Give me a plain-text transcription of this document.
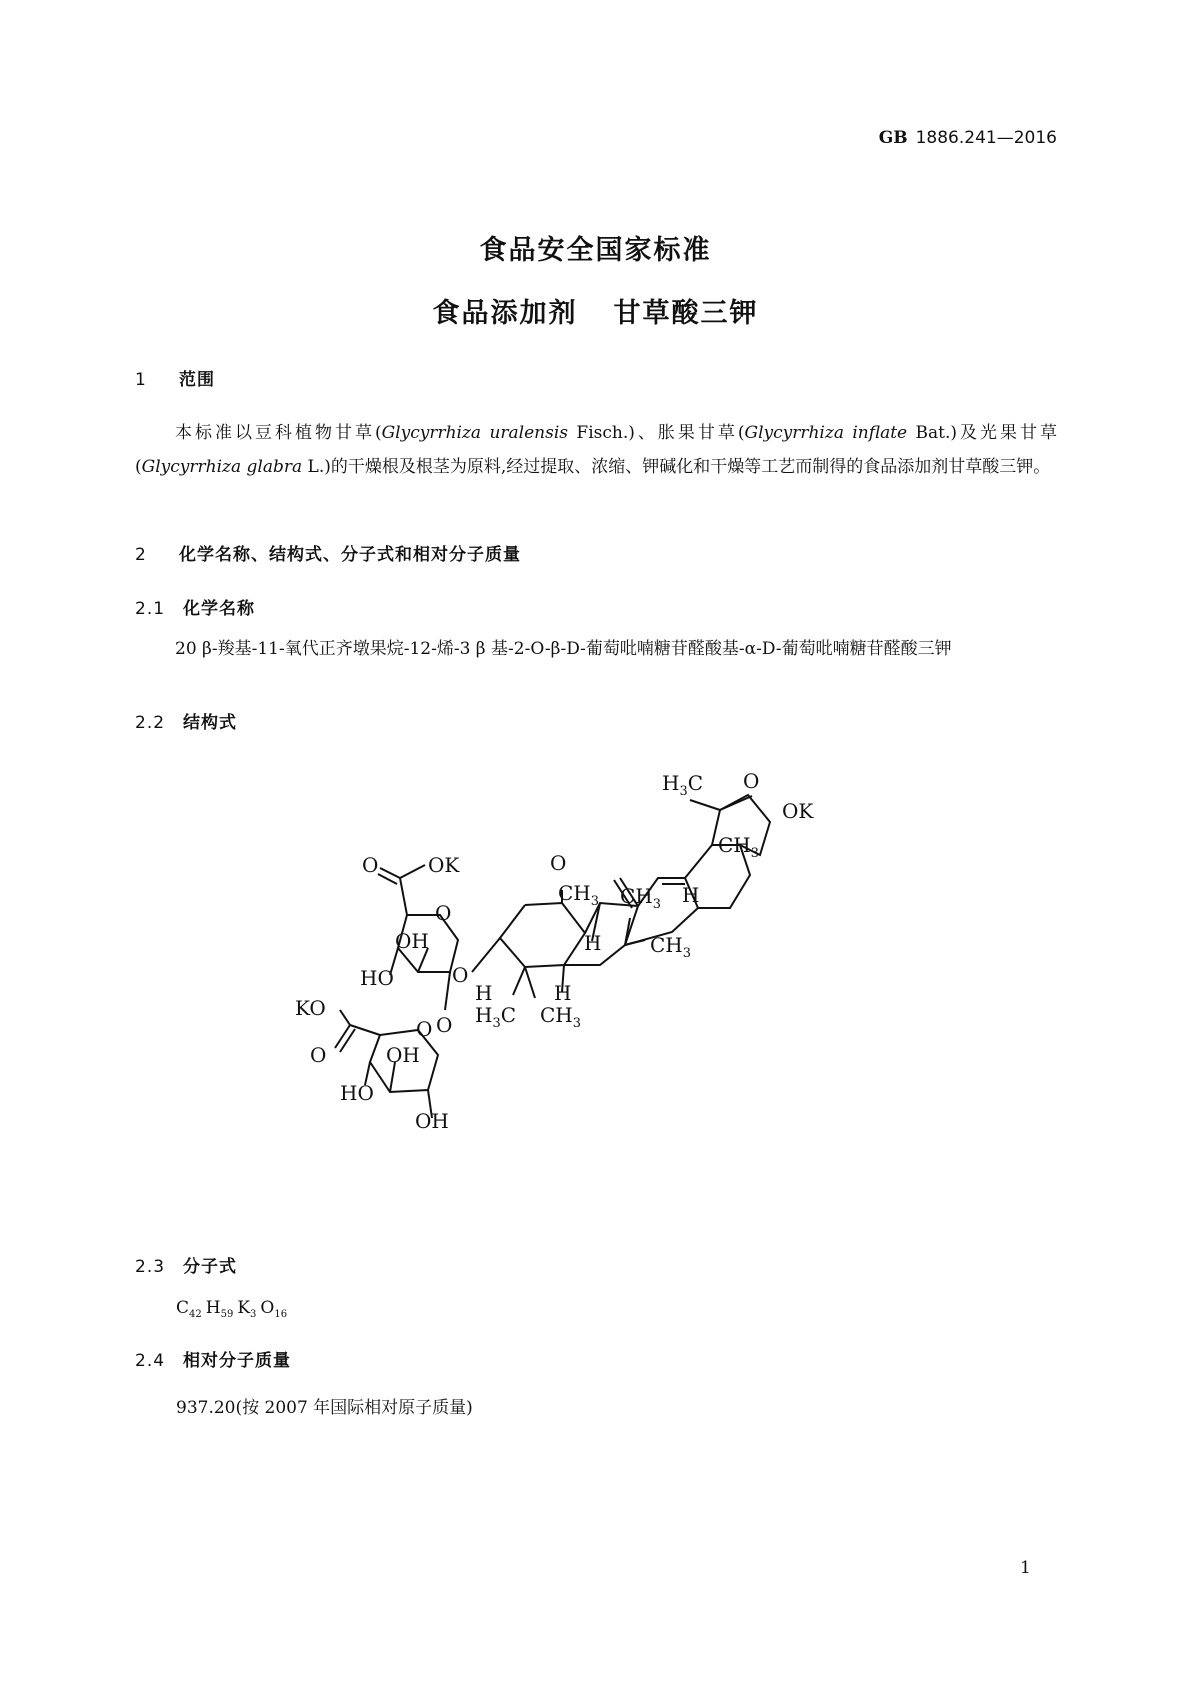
GB 1886.241—2016
食品安全国家标准
食品添加剂 甘草酸三钾
1 范围
本标准以豆科植物甘草(Glycyrrhiza uralensis Fisch.)、胀果甘草(Glycyrrhiza inflate Bat.)及光果甘草(Glycyrrhiza glabra L.)的干燥根及根茎为原料,经过提取、浓缩、钾碱化和干燥等工艺而制得的食品添加剂甘草酸三钾。
2 化学名称、结构式、分子式和相对分子质量
2.1 化学名称
20 β-羧基-11-氧代正齐墩果烷-12-烯-3 β 基-2-O-β-D-葡萄吡喃糖苷醛酸基-α-D-葡萄吡喃糖苷醛酸三钾
2.2 结构式
O
$H_3C$
OK
O
$CH_3$
$CH_3$ $CH_3$
$CH_3$
H
H
H	H
$H_3C$ $CH_3$
O OK
O
OH
HO	O
KO
O
O O
OH
HO
OH
2.3 分子式
$C_{42}$ $H_{59}$ $K_3$ $O_{16}$
2.4 相对分子质量
937.20(按 2007 年国际相对原子质量)
1
